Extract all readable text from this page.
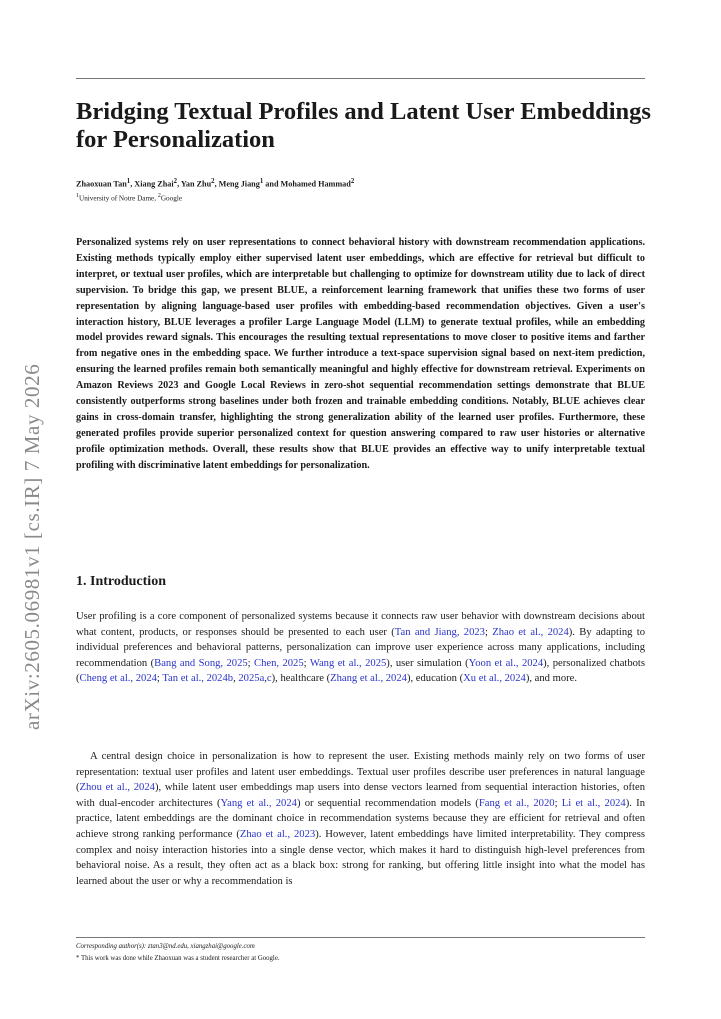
arXiv:2605.06981v1 [cs.IR] 7 May 2026
Bridging Textual Profiles and Latent User Embeddings for Personalization
Zhaoxuan Tan$^1$, Xiang Zhai$^2$, Yan Zhu$^2$, Meng Jiang$^1$ and Mohamed Hammad$^2$
$^1$University of Notre Dame, $^2$Google

Personalized systems rely on user representations to connect behavioral history with downstream recommendation applications. Existing methods typically employ either supervised latent user embeddings, which are effective for retrieval but difficult to interpret, or textual user profiles, which are interpretable but challenging to optimize for downstream utility due to lack of direct supervision. To bridge this gap, we present BLUE, a reinforcement learning framework that unifies these two forms of user representation by aligning language-based user profiles with embedding-based recommendation objectives. Given a user's interaction history, BLUE leverages a profiler Large Language Model (LLM) to generate textual profiles, while an embedding model provides reward signals. This encourages the resulting textual representations to move closer to positive items and farther from negative ones in the embedding space. We further introduce a text-space supervision signal based on next-item prediction, ensuring the learned profiles remain both semantically meaningful and highly effective for downstream retrieval. Experiments on Amazon Reviews 2023 and Google Local Reviews in zero-shot sequential recommendation settings demonstrate that BLUE consistently outperforms strong baselines under both frozen and trainable embedding conditions. Notably, BLUE achieves clear gains in cross-domain transfer, highlighting the strong generalization ability of the learned user profiles. Furthermore, these generated profiles provide superior personalized context for question answering compared to raw user histories or alternative profile optimization methods. Overall, these results show that BLUE provides an effective way to unify interpretable textual profiling with discriminative latent embeddings for personalization.

1. Introduction

User profiling is a core component of personalized systems because it connects raw user behavior with downstream decisions about what content, products, or responses should be presented to each user (Tan and Jiang, 2023; Zhao et al., 2024). By adapting to individual preferences and behavioral patterns, personalization can improve user experience across many applications, including recommendation (Bang and Song, 2025; Chen, 2025; Wang et al., 2025), user simulation (Yoon et al., 2024), personalized chatbots (Cheng et al., 2024; Tan et al., 2024b, 2025a,c), healthcare (Zhang et al., 2024), education (Xu et al., 2024), and more.

A central design choice in personalization is how to represent the user. Existing methods mainly rely on two forms of user representation: textual user profiles and latent user embeddings. Textual user profiles describe user preferences in natural language (Zhou et al., 2024), while latent user embeddings map users into dense vectors learned from sequential interaction histories, often with dual-encoder architectures (Yang et al., 2024) or sequential recommendation models (Fang et al., 2020; Li et al., 2024). In practice, latent embeddings are the dominant choice in recommendation systems because they are efficient for retrieval and often achieve strong ranking performance (Zhao et al., 2023). However, latent embeddings have limited interpretability. They compress complex and noisy interaction histories into a single dense vector, which makes it hard to distinguish high-level preferences from behavioral noise. As a result, they often act as a black box: strong for ranking, but offering little insight into what the model has learned about the user or why a recommendation is

Corresponding author(s): ztan3@nd.edu, xiangzhai@google.com
* This work was done while Zhaoxuan was a student researcher at Google.
